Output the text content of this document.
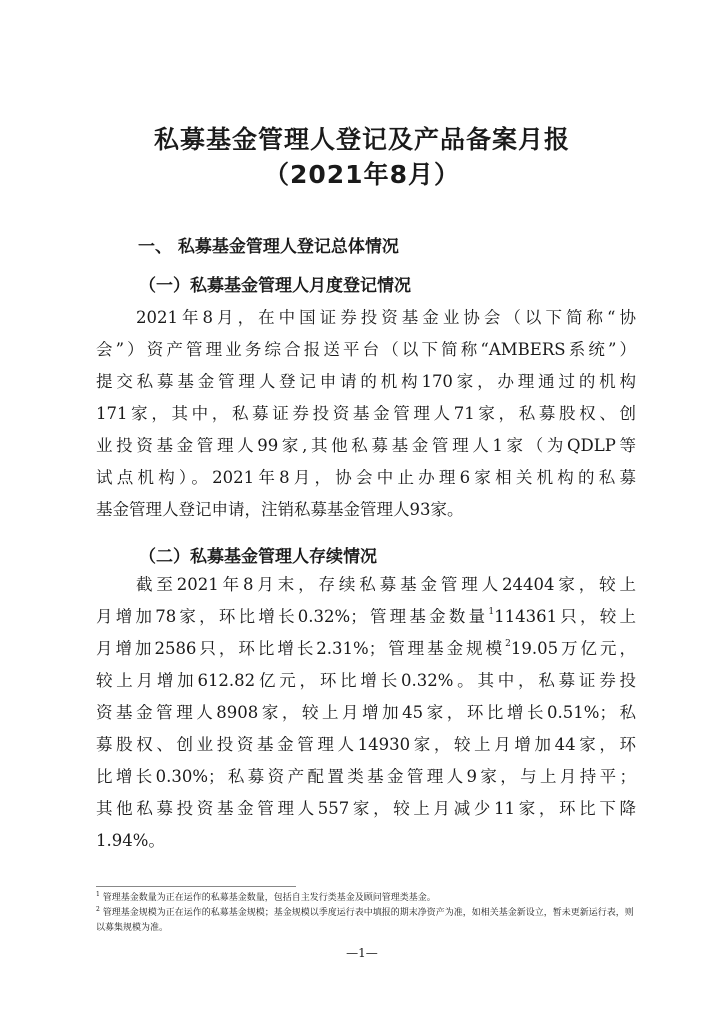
私募基金管理人登记及产品备案月报
（2021年8月）
一、 私募基金管理人登记总体情况
（一）私募基金管理人月度登记情况
2021年8月，在中国证券投资基金业协会（以下简称“协
会”）资产管理业务综合报送平台（以下简称“AMBERS系统”）
提交私募基金管理人登记申请的机构170家，办理通过的机构
171家，其中，私募证券投资基金管理人71家，私募股权、创
业投资基金管理人99家,其他私募基金管理人1家（为QDLP等
试点机构）。2021年8月，协会中止办理6家相关机构的私募
基金管理人登记申请，注销私募基金管理人93家。
（二）私募基金管理人存续情况
截至2021年8月末，存续私募基金管理人24404家，较上
月增加78家，环比增长0.32%；管理基金数量$^1$114361只，较上
月增加2586只，环比增长2.31%；管理基金规模$^2$19.05万亿元，
较上月增加612.82亿元，环比增长0.32%。其中，私募证券投
资基金管理人8908家，较上月增加45家，环比增长0.51%；私
募股权、创业投资基金管理人14930家，较上月增加44家，环
比增长0.30%；私募资产配置类基金管理人9家，与上月持平；
其他私募投资基金管理人557家，较上月减少11家，环比下降
1.94%。
$^1$ 管理基金数量为正在运作的私募基金数量，包括自主发行类基金及顾问管理类基金。
$^2$ 管理基金规模为正在运作的私募基金规模；基金规模以季度运行表中填报的期末净资产为准，如相关基金新设立，暂未更新运行表，则以募集规模为准。
—1—
